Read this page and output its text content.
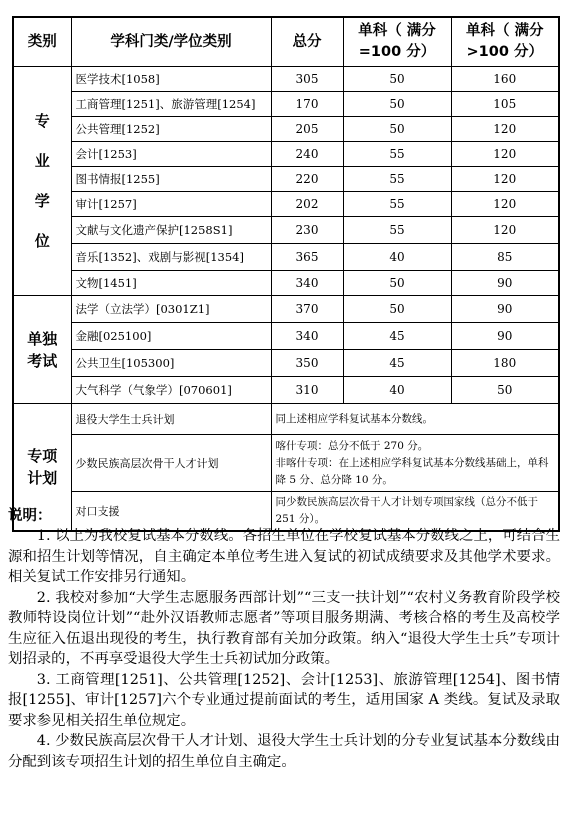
类别	学科门类/学位类别	总分	单科（ 满分=100 分）	单科（ 满分>100 分）

专
业
学
位	医学技术[1058]	305	50	160
	工商管理[1251]、旅游管理[1254]	170	50	105
	公共管理[1252]	205	50	120
	会计[1253]	240	55	120
	图书情报[1255]	220	55	120
	审计[1257]	202	55	120
	文献与文化遗产保护[1258S1]	230	55	120
	音乐[1352]、戏剧与影视[1354]	365	40	85
	文物[1451]	340	50	90
单独
考试	法学（立法学）[0301Z1]	370	50	90
	金融[025100]	340	45	90
	公共卫生[105300]	350	45	180
	大气科学（气象学）[070601]	310	40	50
专项
计划	退役大学生士兵计划	同上述相应学科复试基本分数线。		
	少数民族高层次骨干人才计划	喀什专项：总分不低于 270 分。
非喀什专项：在上述相应学科复试基本分数线基础上，单科降 5 分、总分降 10 分。		
	对口支援	同少数民族高层次骨干人才计划专项国家线（总分不低于 251 分）。		
说明：

1. 以上为我校复试基本分数线。各招生单位在学校复试基本分数线之上，可结合生源和招生计划等情况，自主确定本单位考生进入复试的初试成绩要求及其他学术要求。相关复试工作安排另行通知。

2. 我校对参加“大学生志愿服务西部计划”“三支一扶计划”“农村义务教育阶段学校教师特设岗位计划”“赴外汉语教师志愿者”等项目服务期满、考核合格的考生及高校学生应征入伍退出现役的考生，执行教育部有关加分政策。纳入“退役大学生士兵”专项计划招录的，不再享受退役大学生士兵初试加分政策。

3. 工商管理[1251]、公共管理[1252]、会计[1253]、旅游管理[1254]、图书情报[1255]、审计[1257]六个专业通过提前面试的考生，适用国家 A 类线。复试及录取要求参见相关招生单位规定。

4. 少数民族高层次骨干人才计划、退役大学生士兵计划的分专业复试基本分数线由分配到该专项招生计划的招生单位自主确定。
